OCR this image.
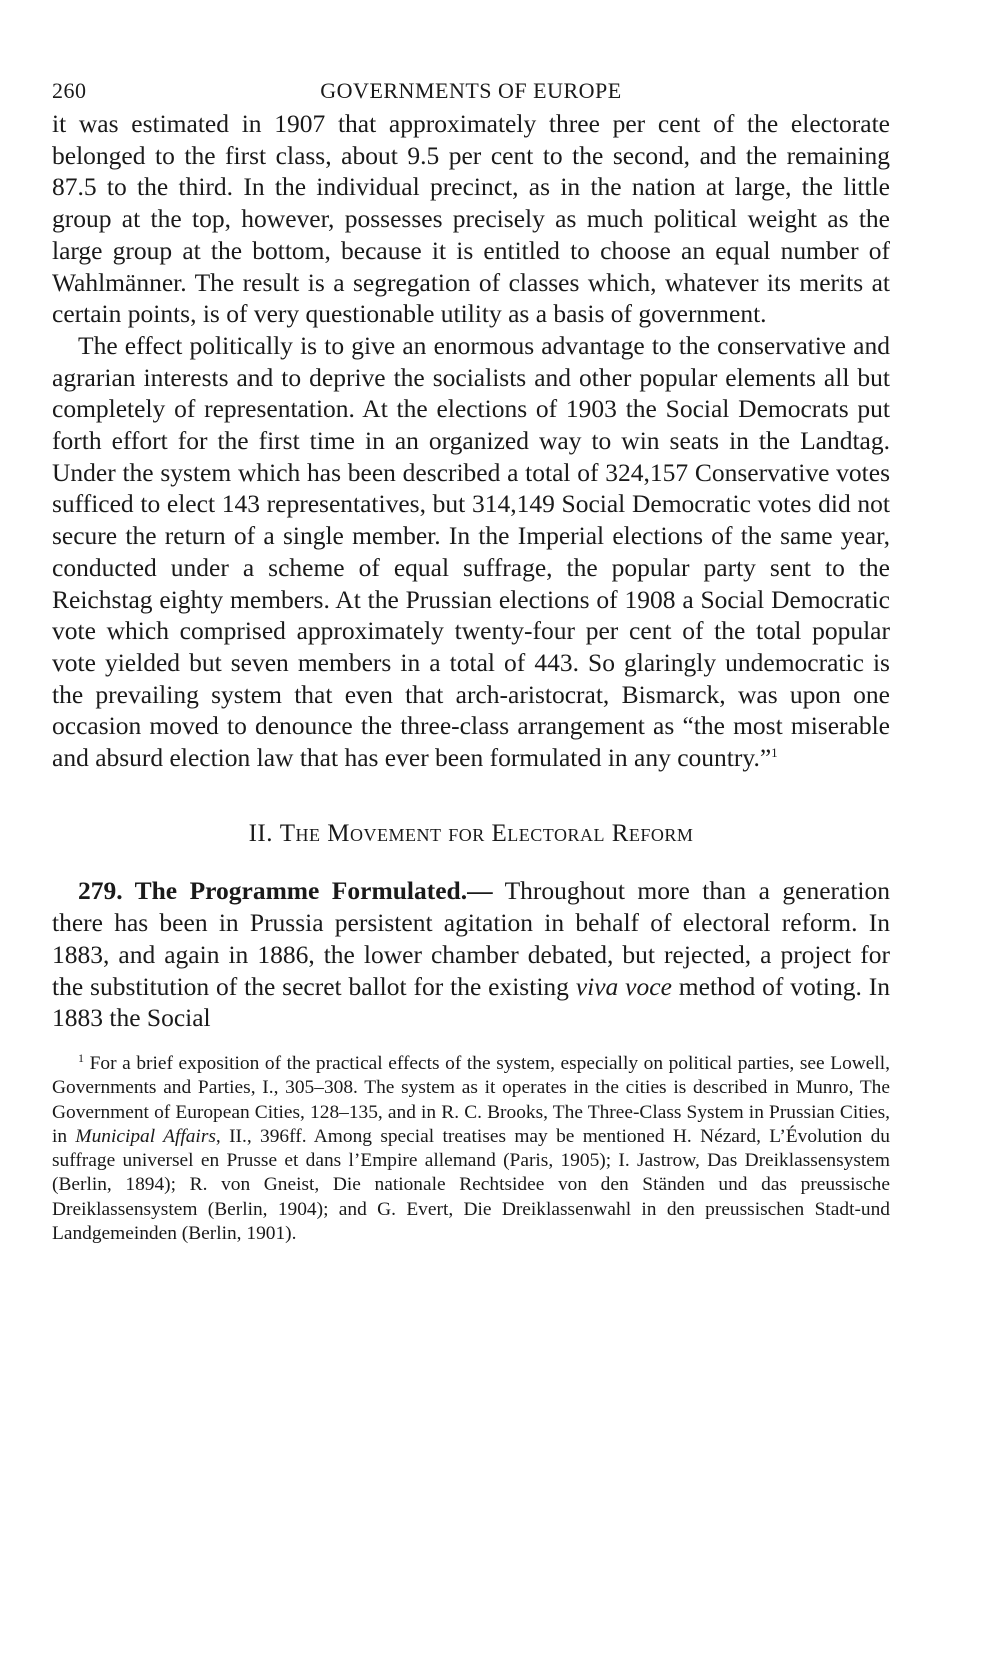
260	GOVERNMENTS OF EUROPE

it was estimated in 1907 that approximately three per cent of the electorate belonged to the first class, about 9.5 per cent to the second, and the remaining 87.5 to the third. In the individual precinct, as in the nation at large, the little group at the top, however, possesses precisely as much political weight as the large group at the bottom, because it is entitled to choose an equal number of Wahlmänner. The result is a segregation of classes which, whatever its merits at certain points, is of very questionable utility as a basis of government.

The effect politically is to give an enormous advantage to the conservative and agrarian interests and to deprive the socialists and other popular elements all but completely of representation. At the elections of 1903 the Social Democrats put forth effort for the first time in an organized way to win seats in the Landtag. Under the system which has been described a total of 324,157 Conservative votes sufficed to elect 143 representatives, but 314,149 Social Democratic votes did not secure the return of a single member. In the Imperial elections of the same year, conducted under a scheme of equal suffrage, the popular party sent to the Reichstag eighty members. At the Prussian elections of 1908 a Social Democratic vote which comprised approximately twenty-four per cent of the total popular vote yielded but seven members in a total of 443. So glaringly undemocratic is the prevailing system that even that arch-aristocrat, Bismarck, was upon one occasion moved to denounce the three-class arrangement as “the most miserable and absurd election law that has ever been formulated in any country.”$^1$

II. The Movement for Electoral Reform

279. The Programme Formulated.— Throughout more than a generation there has been in Prussia persistent agitation in behalf of electoral reform. In 1883, and again in 1886, the lower chamber debated, but rejected, a project for the substitution of the secret ballot for the existing viva voce method of voting. In 1883 the Social

$^1$ For a brief exposition of the practical effects of the system, especially on political parties, see Lowell, Governments and Parties, I., 305–308. The system as it operates in the cities is described in Munro, The Government of European Cities, 128–135, and in R. C. Brooks, The Three-Class System in Prussian Cities, in Municipal Affairs, II., 396ff. Among special treatises may be mentioned H. Nézard, L’Évolution du suffrage universel en Prusse et dans l’Empire allemand (Paris, 1905); I. Jastrow, Das Dreiklassensystem (Berlin, 1894); R. von Gneist, Die nationale Rechtsidee von den Ständen und das preussische Dreiklassensystem (Berlin, 1904); and G. Evert, Die Dreiklassenwahl in den preussischen Stadt-und Landgemeinden (Berlin, 1901).
